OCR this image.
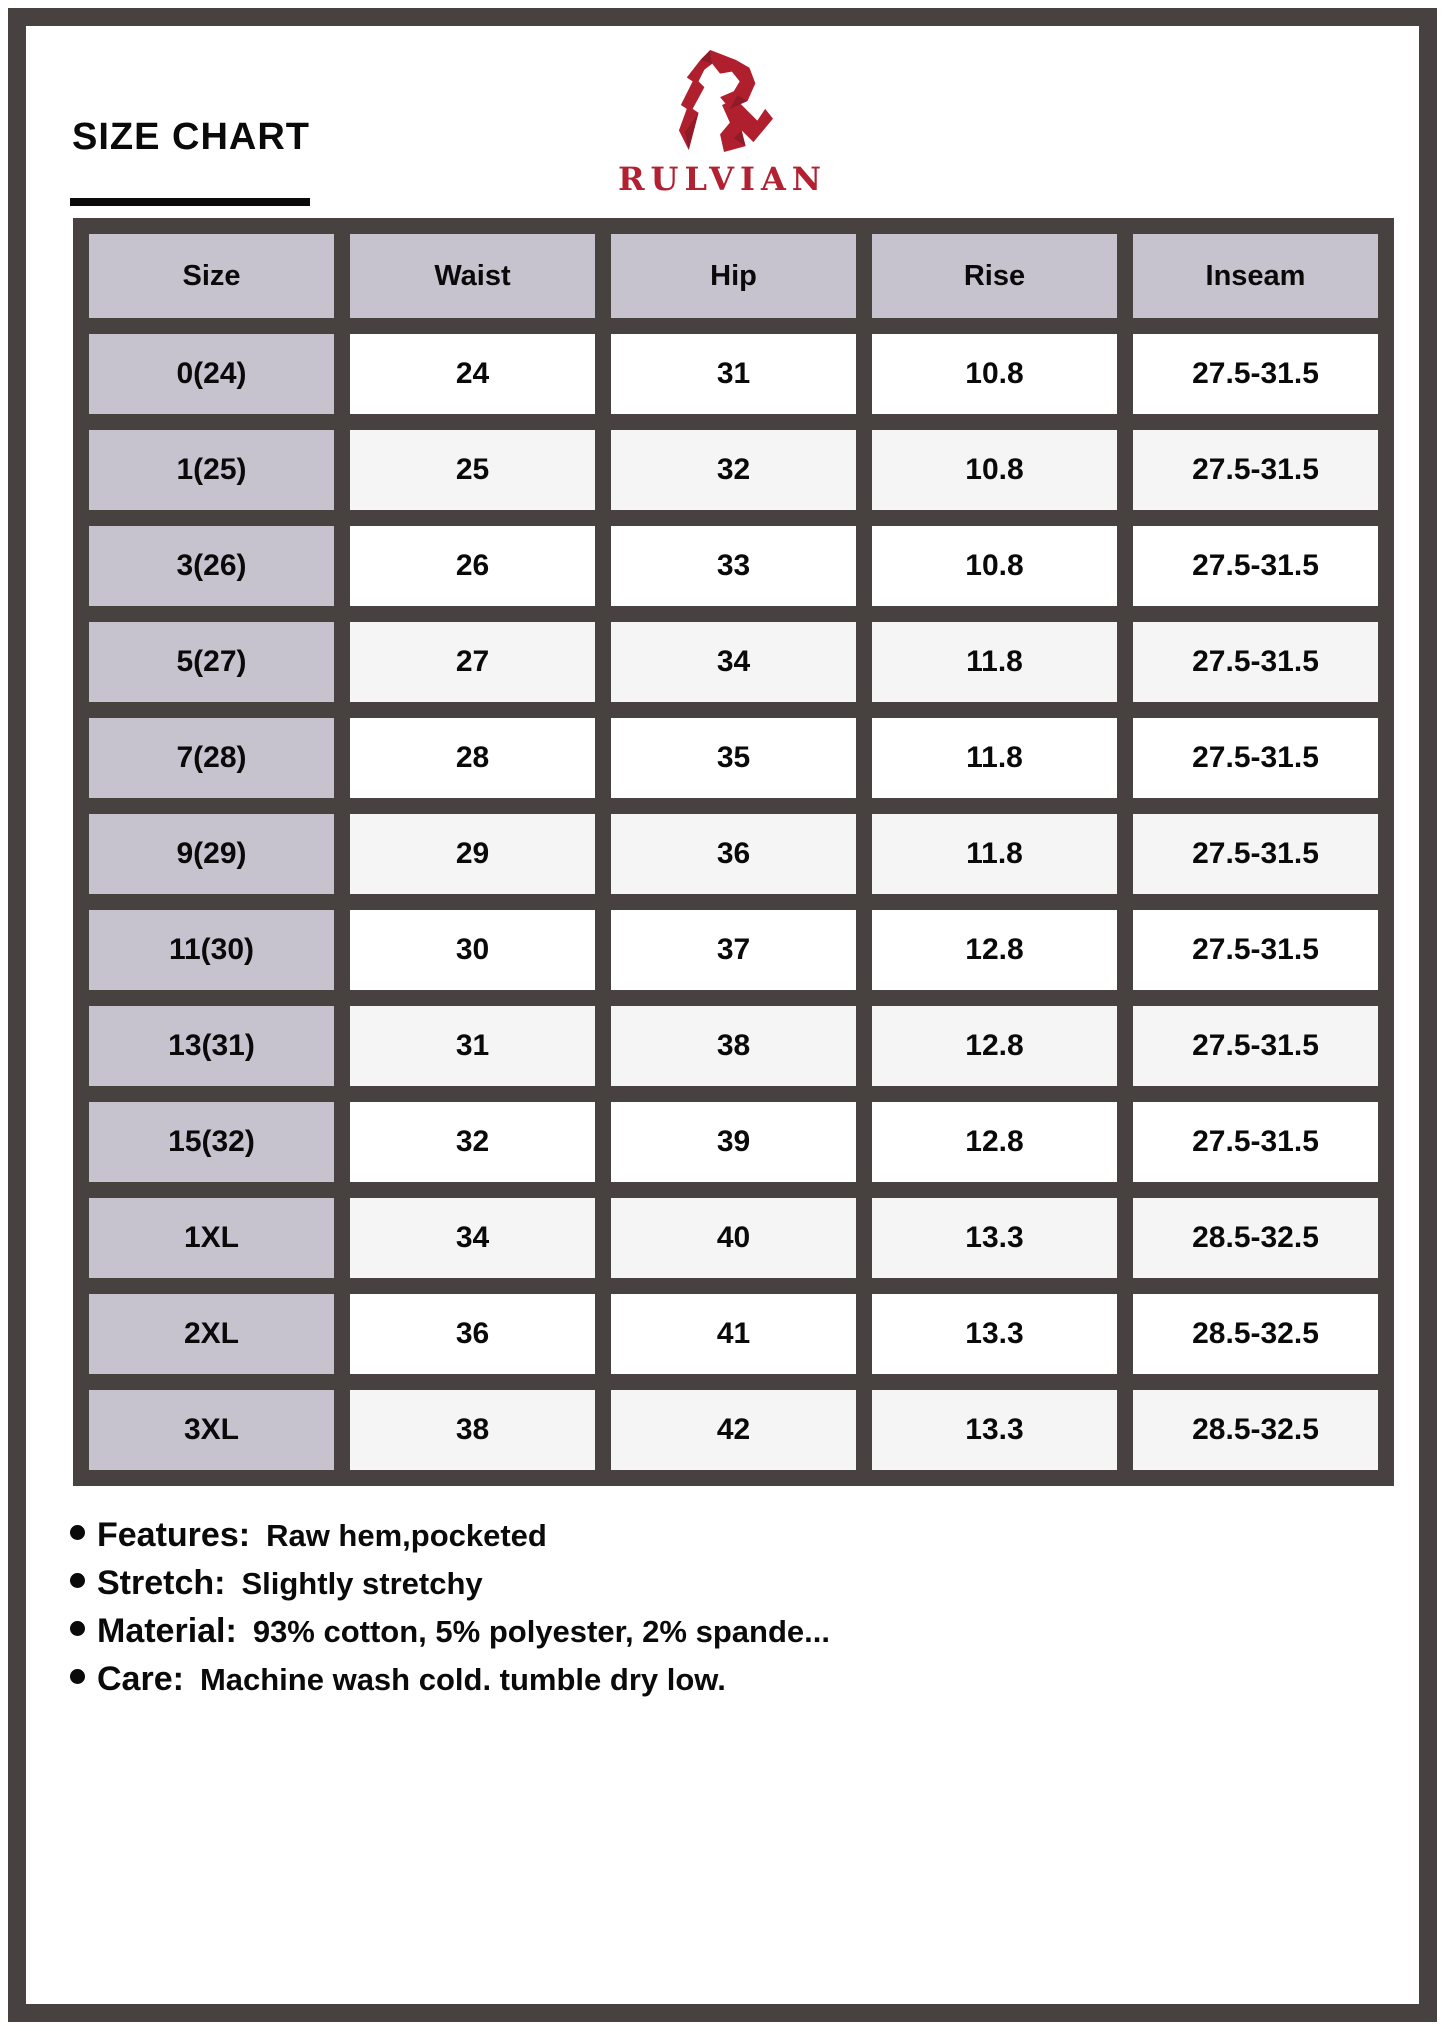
SIZE CHART
RULVIAN
Size	Waist	Hip	Rise	Inseam
0(24)	24	31	10.8	27.5-31.5
1(25)	25	32	10.8	27.5-31.5
3(26)	26	33	10.8	27.5-31.5
5(27)	27	34	11.8	27.5-31.5
7(28)	28	35	11.8	27.5-31.5
9(29)	29	36	11.8	27.5-31.5
11(30)	30	37	12.8	27.5-31.5
13(31)	31	38	12.8	27.5-31.5
15(32)	32	39	12.8	27.5-31.5
1XL	34	40	13.3	28.5-32.5
2XL	36	41	13.3	28.5-32.5
3XL	38	42	13.3	28.5-32.5
Features: Raw hem,pocketed
Stretch: Slightly stretchy
Material: 93% cotton, 5% polyester, 2% spande...
Care: Machine wash cold. tumble dry low.
